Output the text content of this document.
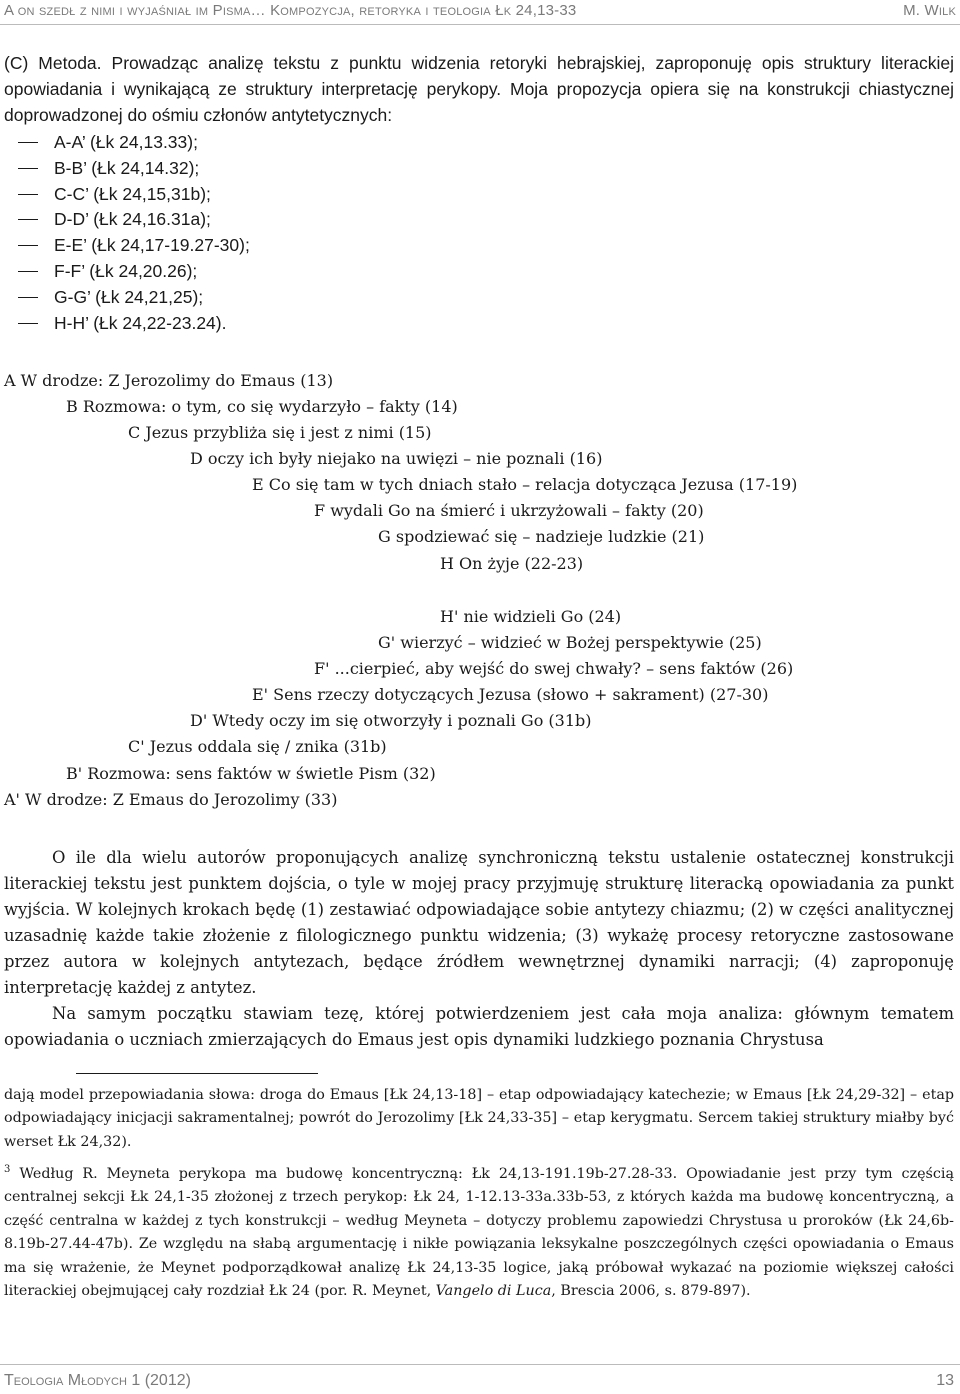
A on szedł z nimi i wyjaśniał im Pisma… Kompozycja, retoryka i teologia Łk 24,13-33	M. Wilk
(C) Metoda. Prowadząc analizę tekstu z punktu widzenia retoryki hebrajskiej, zaproponuję opis struktury literackiej opowiadania i wynikającą ze struktury interpretację perykopy. Moja propozycja opiera się na konstrukcji chiastycznej doprowadzonej do ośmiu członów antytetycznych:
A-A’ (Łk 24,13.33);
B-B’ (Łk 24,14.32);
C-C’ (Łk 24,15,31b);
D-D’ (Łk 24,16.31a);
E-E’ (Łk 24,17-19.27-30);
F-F’ (Łk 24,20.26);
G-G’ (Łk 24,21,25);
H-H’ (Łk 24,22-23.24).
A W drodze: Z Jerozolimy do Emaus (13)
B Rozmowa: o tym, co się wydarzyło – fakty (14)
C Jezus przybliża się i jest z nimi (15)
D oczy ich były niejako na uwięzi – nie poznali (16)
E Co się tam w tych dniach stało – relacja dotycząca Jezusa (17-19)
F wydali Go na śmierć i ukrzyżowali – fakty (20)
G spodziewać się – nadzieje ludzkie (21)
H On żyje (22-23)
H' nie widzieli Go (24)
G' wierzyć – widzieć w Bożej perspektywie (25)
F' ...cierpieć, aby wejść do swej chwały? – sens faktów (26)
E' Sens rzeczy dotyczących Jezusa (słowo + sakrament) (27-30)
D' Wtedy oczy im się otworzyły i poznali Go (31b)
C' Jezus oddala się / znika (31b)
B' Rozmowa: sens faktów w świetle Pism (32)
A' W drodze: Z Emaus do Jerozolimy (33)

O ile dla wielu autorów proponujących analizę synchroniczną tekstu ustalenie ostatecznej konstrukcji literackiej tekstu jest punktem dojścia, o tyle w mojej pracy przyjmuję strukturę literacką opowiadania za punkt wyjścia. W kolejnych krokach będę (1) zestawiać odpowiadające sobie antytezy chiazmu; (2) w części analitycznej uzasadnię każde takie złożenie z filologicznego punktu widzenia; (3) wykażę procesy retoryczne zastosowane przez autora w kolejnych antytezach, będące źródłem wewnętrznej dynamiki narracji; (4) zaproponuję interpretację każdej z antytez.

Na samym początku stawiam tezę, której potwierdzeniem jest cała moja analiza: głównym tematem opowiadania o uczniach zmierzających do Emaus jest opis dynamiki ludzkiego poznania Chrystusa

dają model przepowiadania słowa: droga do Emaus [Łk 24,13-18] – etap odpowiadający katechezie; w Emaus [Łk 24,29-32] – etap odpowiadający inicjacji sakramentalnej; powrót do Jerozolimy [Łk 24,33-35] – etap kerygmatu. Sercem takiej struktury miałby być werset Łk 24,32).

$^3$ Według R. Meyneta perykopa ma budowę koncentryczną: Łk 24,13-191.19b-27.28-33. Opowiadanie jest przy tym częścią centralnej sekcji Łk 24,1-35 złożonej z trzech perykop: Łk 24, 1-12.13-33a.33b-53, z których każda ma budowę koncentryczną, a część centralna w każdej z tych konstrukcji – według Meyneta – dotyczy problemu zapowiedzi Chrystusa u proroków (Łk 24,6b-8.19b-27.44-47b). Ze względu na słabą argumentację i nikłe powiązania leksykalne poszczególnych części opowiadania o Emaus ma się wrażenie, że Meynet podporządkował analizę Łk 24,13-35 logice, jaką próbował wykazać na poziomie większej całości literackiej obejmującej cały rozdział Łk 24 (por. R. Meynet, Vangelo di Luca, Brescia 2006, s. 879-897).

Teologia Młodych 1 (2012)	13
